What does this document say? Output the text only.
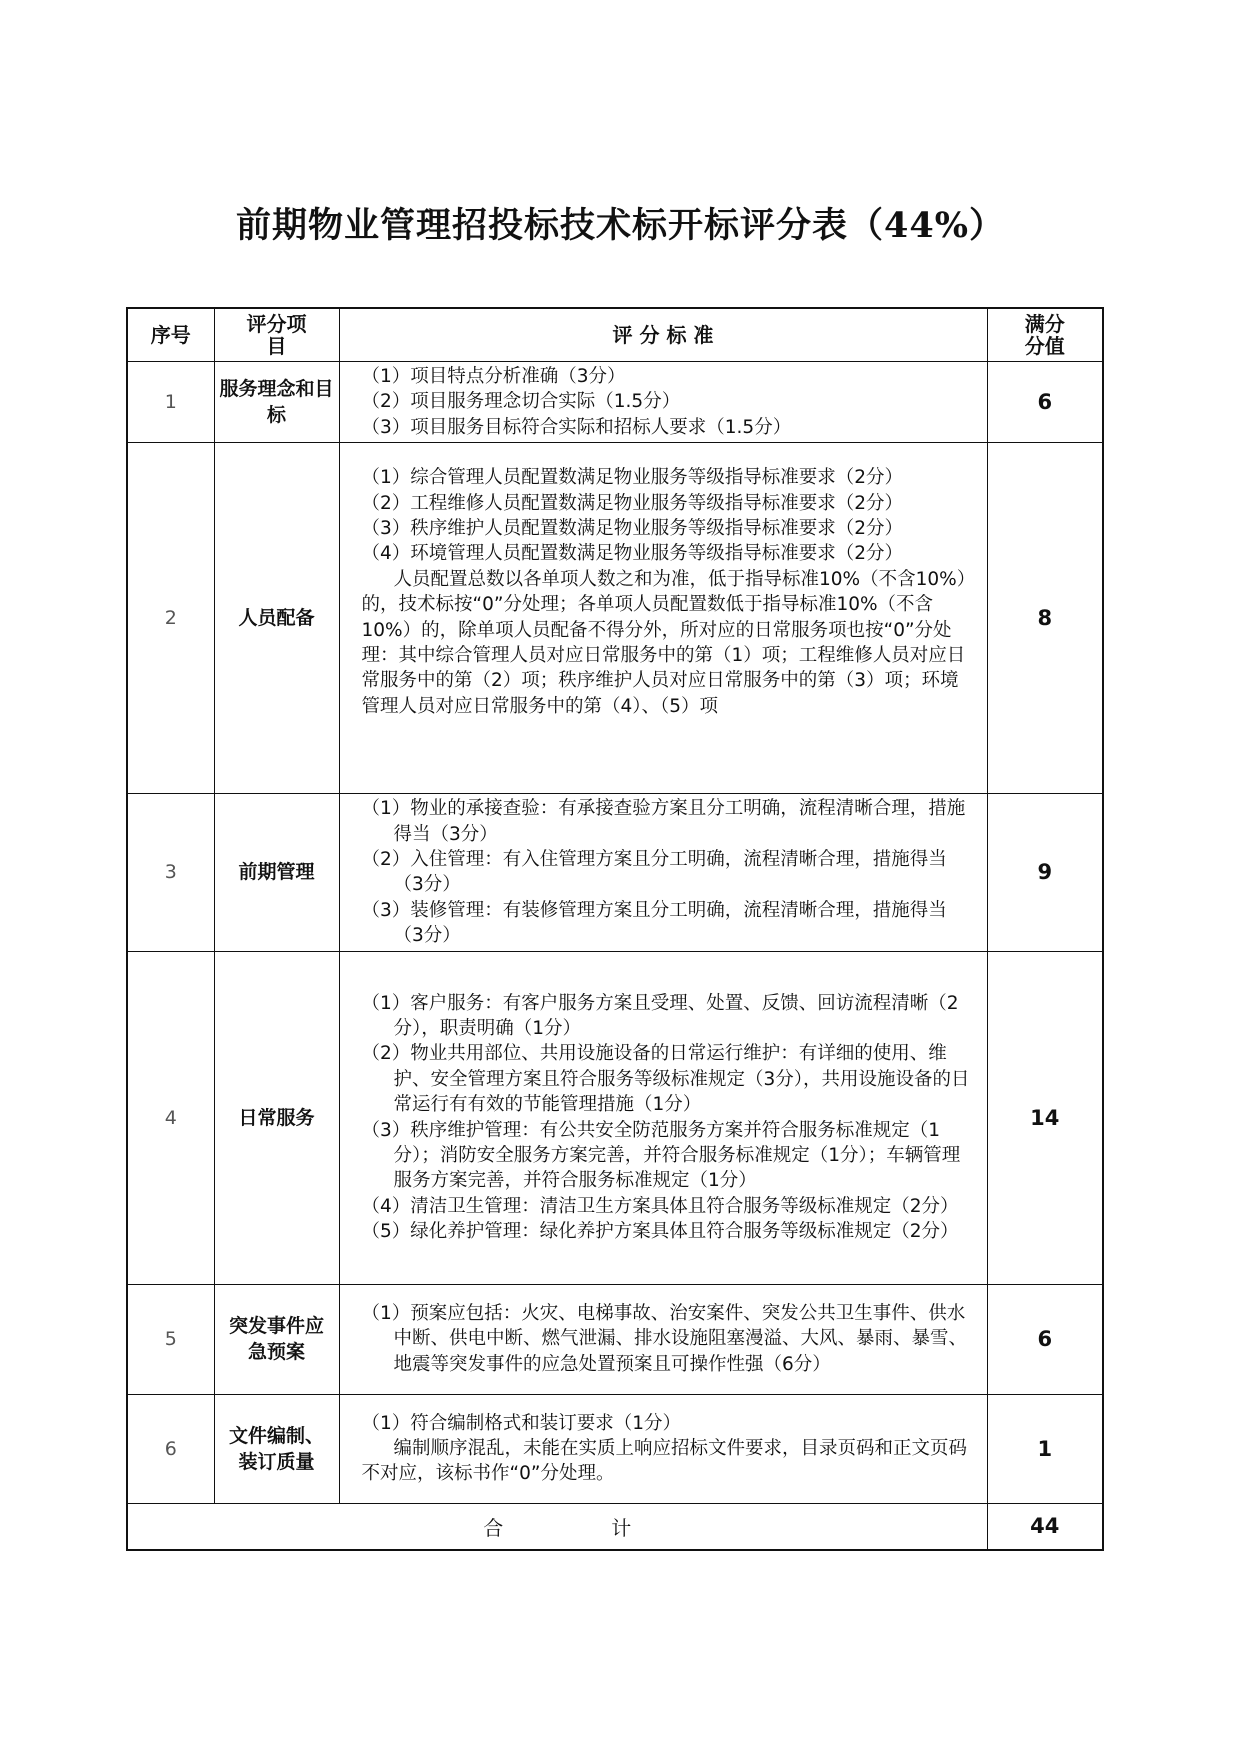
前期物业管理招投标技术标开标评分表（44%）
序号	评分项目	评 分 标 准	满分分值
1	服务理念和目标	（1）项目特点分析准确（3分）
（2）项目服务理念切合实际（1.5分）
（3）项目服务目标符合实际和招标人要求（1.5分）	6
2	人员配备	（1）综合管理人员配置数满足物业服务等级指导标准要求（2分）
（2）工程维修人员配置数满足物业服务等级指导标准要求（2分）
（3）秩序维护人员配置数满足物业服务等级指导标准要求（2分）
（4）环境管理人员配置数满足物业服务等级指导标准要求（2分）
人员配置总数以各单项人数之和为准，低于指导标准10%（不含10%）的，技术标按“0”分处理；各单项人员配置数低于指导标准10%（不含10%）的，除单项人员配备不得分外，所对应的日常服务项也按“0”分处理：其中综合管理人员对应日常服务中的第（1）项；工程维修人员对应日常服务中的第（2）项；秩序维护人员对应日常服务中的第（3）项；环境管理人员对应日常服务中的第（4）、（5）项	8
3	前期管理	（1）物业的承接查验：有承接查验方案且分工明确，流程清晰合理，措施得当（3分）
（2）入住管理：有入住管理方案且分工明确，流程清晰合理，措施得当（3分）
（3）装修管理：有装修管理方案且分工明确，流程清晰合理，措施得当（3分）	9
4	日常服务	（1）客户服务：有客户服务方案且受理、处置、反馈、回访流程清晰（2分），职责明确（1分）
（2）物业共用部位、共用设施设备的日常运行维护：有详细的使用、维护、安全管理方案且符合服务等级标准规定（3分），共用设施设备的日常运行有有效的节能管理措施（1分）
（3）秩序维护管理：有公共安全防范服务方案并符合服务标准规定（1分）；消防安全服务方案完善，并符合服务标准规定（1分）；车辆管理服务方案完善，并符合服务标准规定（1分）
（4）清洁卫生管理：清洁卫生方案具体且符合服务等级标准规定（2分）
（5）绿化养护管理：绿化养护方案具体且符合服务等级标准规定（2分）	14
5	突发事件应急预案	（1）预案应包括：火灾、电梯事故、治安案件、突发公共卫生事件、供水中断、供电中断、燃气泄漏、排水设施阻塞漫溢、大风、暴雨、暴雪、地震等突发事件的应急处置预案且可操作性强（6分）	6
6	文件编制、装订质量	（1）符合编制格式和装订要求（1分）
编制顺序混乱，未能在实质上响应招标文件要求，目录页码和正文页码不对应，该标书作“0”分处理。	1
合计			44
